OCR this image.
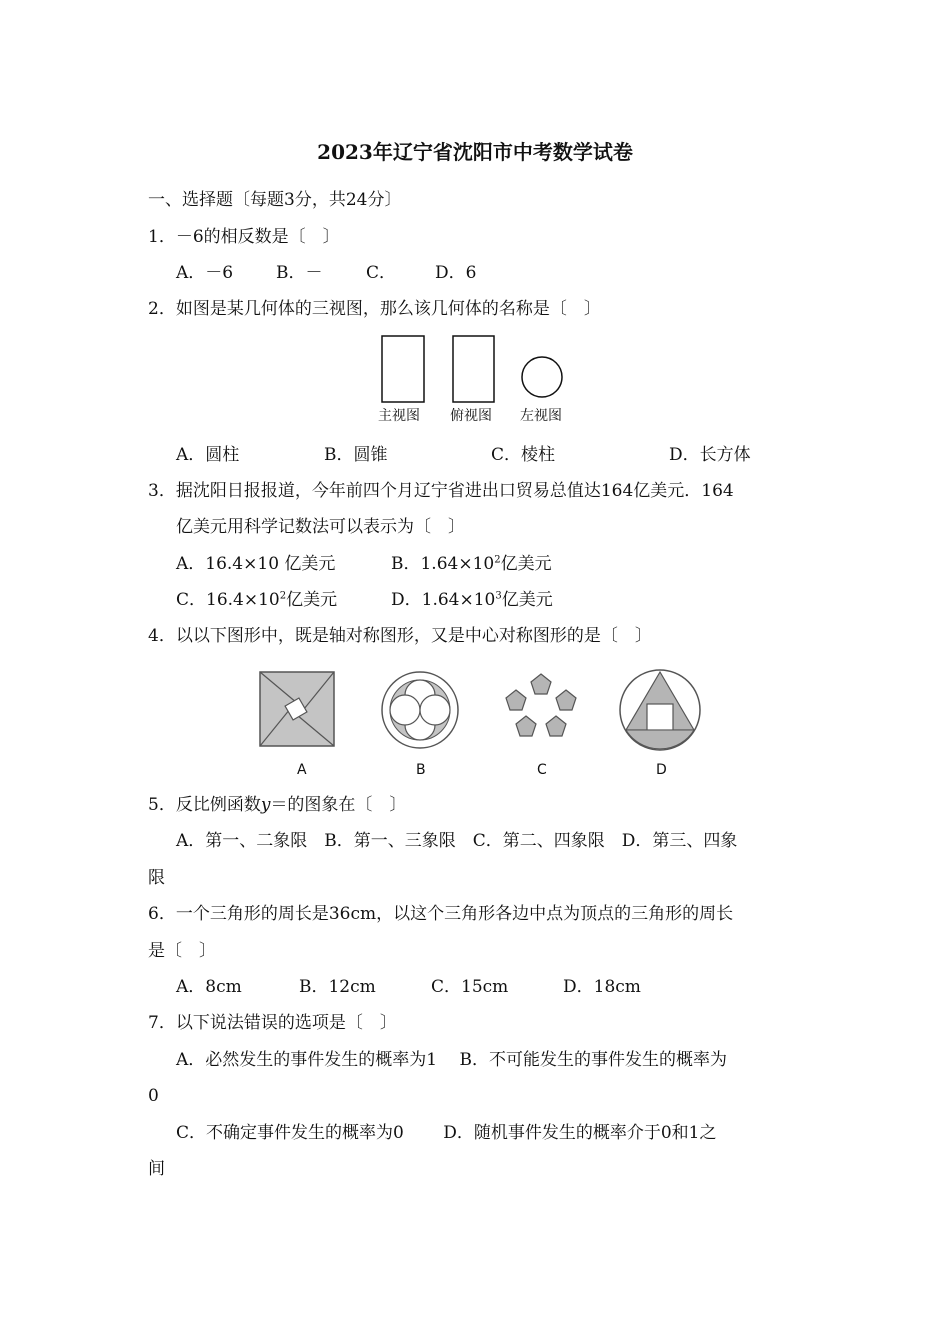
2023年辽宁省沈阳市中考数学试卷
一、选择题〔每题3分，共24分〕
1．－6的相反数是〔　〕
A．－6	B．－	C． D．6
2．如图是某几何体的三视图，那么该几何体的名称是〔　〕
主视图 俯视图 左视图
A．圆柱	B．圆锥	C．棱柱	D．长方体
3．据沈阳日报报道，今年前四个月辽宁省进出口贸易总值达164亿美元．164
亿美元用科学记数法可以表示为〔　〕
A．16.4×10 亿美元	B．$1.64\times 10^2$亿美元
C．$16.4\times 10^2$亿美元	D．$1.64\times 10^3$亿美元
4．以以下图形中，既是轴对称图形，又是中心对称图形的是〔　〕
A	B	C	D
5．反比例函数y＝的图象在〔　〕
A．第一、二象限　B．第一、三象限　C．第二、四象限　D．第三、四象
限
6．一个三角形的周长是36cm，以这个三角形各边中点为顶点的三角形的周长
是〔　〕
A．8cm	B．12cm	C．15cm	D．18cm
7．以下说法错误的选项是〔　〕
A．必然发生的事件发生的概率为1　 B．不可能发生的事件发生的概率为
0
C．不确定事件发生的概率为0　　 D．随机事件发生的概率介于0和1之
间
